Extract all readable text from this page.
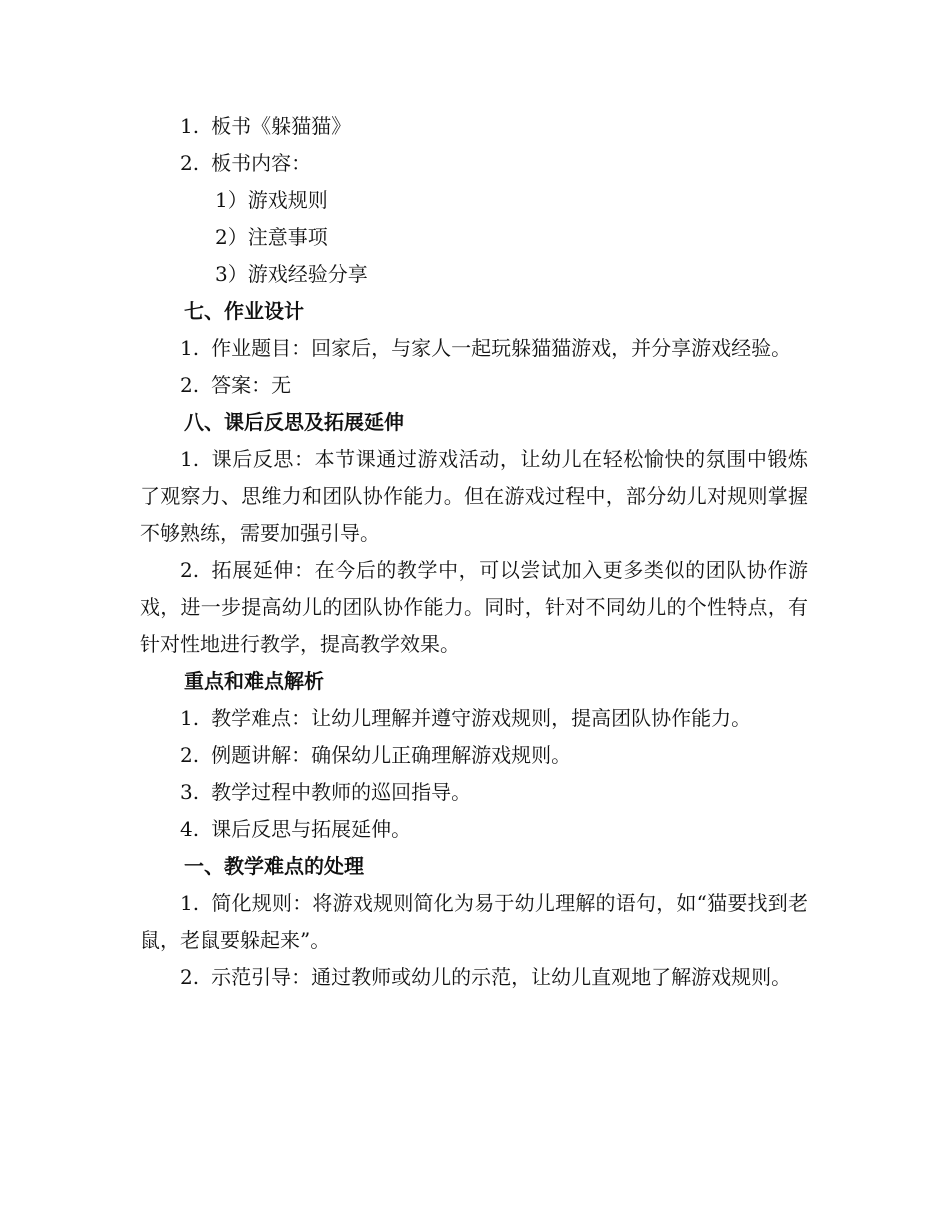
1. 板书《躲猫猫》
2. 板书内容：
1）游戏规则
2）注意事项
3）游戏经验分享
七、作业设计
1. 作业题目：回家后，与家人一起玩躲猫猫游戏，并分享游戏经验。
2. 答案：无
八、课后反思及拓展延伸
1. 课后反思：本节课通过游戏活动，让幼儿在轻松愉快的氛围中锻炼了观察力、思维力和团队协作能力。但在游戏过程中，部分幼儿对规则掌握不够熟练，需要加强引导。
2. 拓展延伸：在今后的教学中，可以尝试加入更多类似的团队协作游戏，进一步提高幼儿的团队协作能力。同时，针对不同幼儿的个性特点，有针对性地进行教学，提高教学效果。
重点和难点解析
1. 教学难点：让幼儿理解并遵守游戏规则，提高团队协作能力。
2. 例题讲解：确保幼儿正确理解游戏规则。
3. 教学过程中教师的巡回指导。
4. 课后反思与拓展延伸。
一、教学难点的处理
1. 简化规则：将游戏规则简化为易于幼儿理解的语句，如“猫要找到老鼠，老鼠要躲起来”。
2. 示范引导：通过教师或幼儿的示范，让幼儿直观地了解游戏规则。
